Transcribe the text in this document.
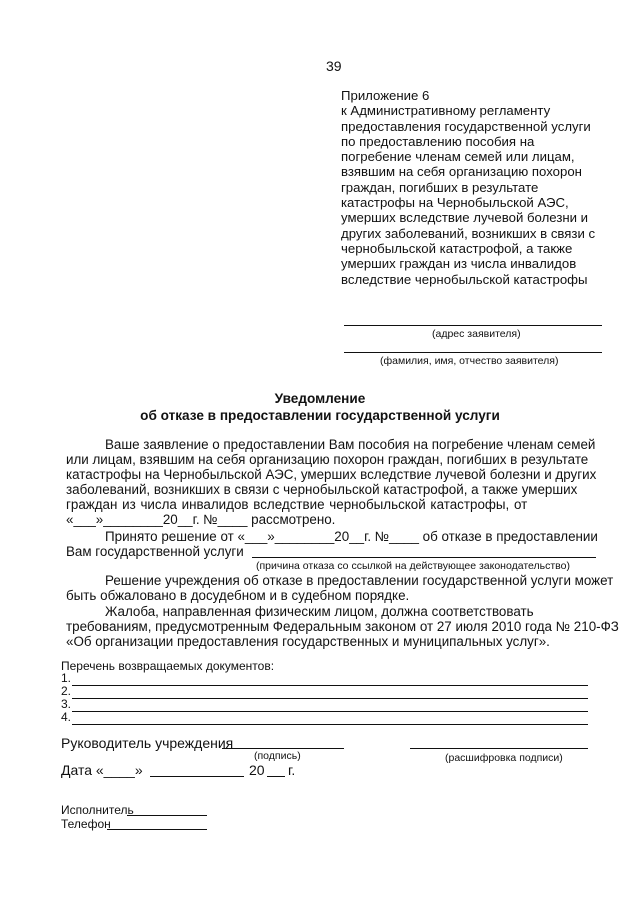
39
Приложение 6
к Административному регламенту
предоставления государственной услуги
по предоставлению пособия на
погребение членам семей или лицам,
взявшим на себя организацию похорон
граждан, погибших в результате
катастрофы на Чернобыльской АЭС,
умерших вследствие лучевой болезни и
других заболеваний, возникших в связи с
чернобыльской катастрофой, а также
умерших граждан из числа инвалидов
вследствие чернобыльской катастрофы
(адрес заявителя)
(фамилия, имя, отчество заявителя)
Уведомление
об отказе в предоставлении государственной услуги
Ваше заявление о предоставлении Вам пособия на погребение членам семей
или лицам, взявшим на себя организацию похорон граждан, погибших в результате
катастрофы на Чернобыльской АЭС, умерших вследствие лучевой болезни и других
заболеваний, возникших в связи с чернобыльской катастрофой, а также умерших
граждан из числа инвалидов вследствие чернобыльской катастрофы, от
«___»________20__г. №____ рассмотрено.
Принято решение от «___»________20__г. №____ об отказе в предоставлении
Вам государственной услуги
(причина отказа со ссылкой на действующее законодательство)
Решение учреждения об отказе в предоставлении государственной услуги может
быть обжаловано в досудебном и в судебном порядке.
Жалоба, направленная физическим лицом, должна соответствовать
требованиям, предусмотренным Федеральным законом от 27 июля 2010 года № 210-ФЗ
«Об организации предоставления государственных и муниципальных услуг».
Перечень возвращаемых документов:
1.
2.
3.
4.
Руководитель учреждения
(подпись)	(расшифровка подписи)
Дата «____»	20 г.
Исполнитель
Телефон
